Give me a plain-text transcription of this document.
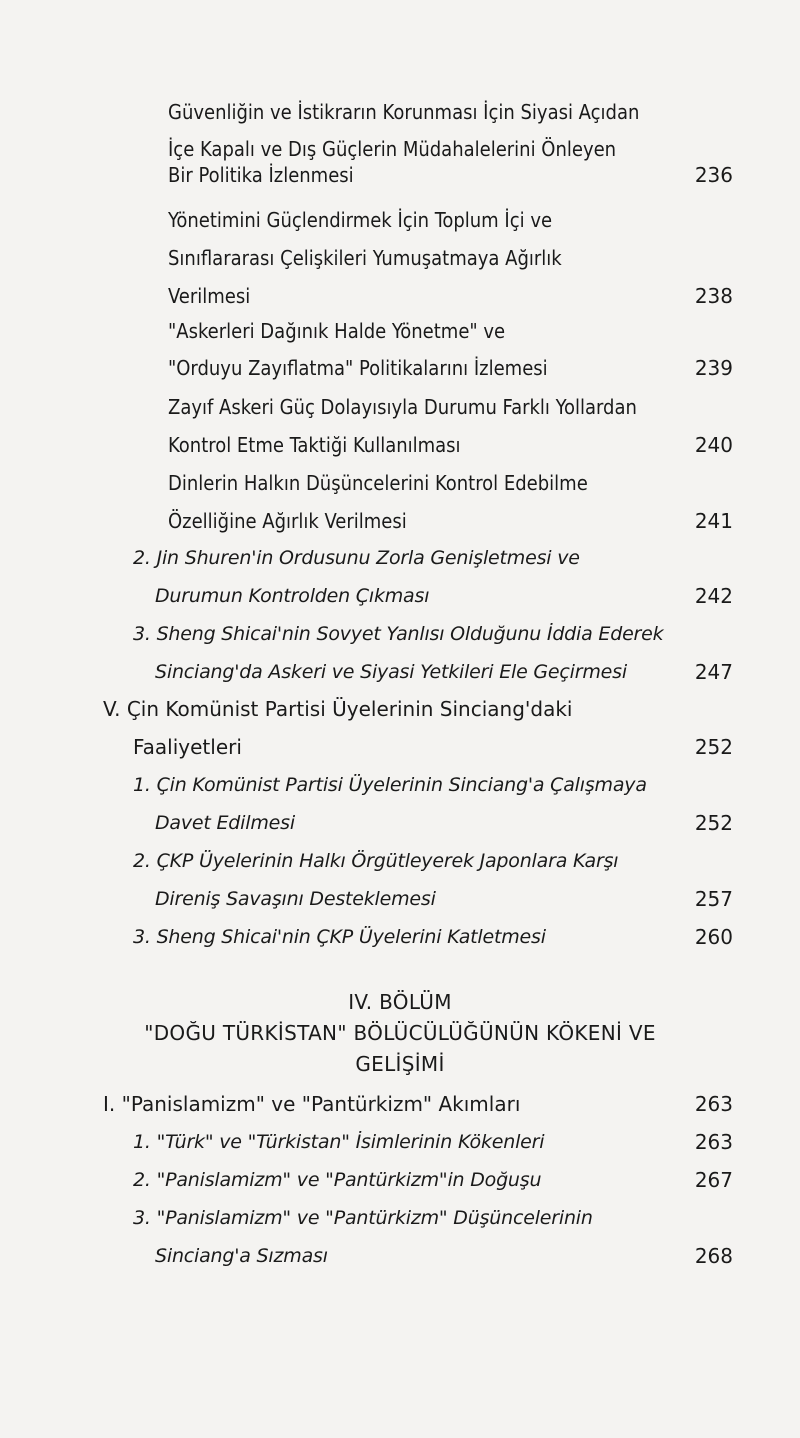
Güvenliğin ve İstikrarın Korunması İçin Siyasi Açıdan
İçe Kapalı ve Dış Güçlerin Müdahalelerini Önleyen
Bir Politika İzlenmesi	236
Yönetimini Güçlendirmek İçin Toplum İçi ve
Sınıflararası Çelişkileri Yumuşatmaya Ağırlık
Verilmesi	238
"Askerleri Dağınık Halde Yönetme" ve
"Orduyu Zayıflatma" Politikalarını İzlemesi	239
Zayıf Askeri Güç Dolayısıyla Durumu Farklı Yollardan
Kontrol Etme Taktiği Kullanılması	240
Dinlerin Halkın Düşüncelerini Kontrol Edebilme
Özelliğine Ağırlık Verilmesi	241
2. Jin Shuren'in Ordusunu Zorla Genişletmesi ve
Durumun Kontrolden Çıkması	242
3. Sheng Shicai'nin Sovyet Yanlısı Olduğunu İddia Ederek
Sinciang'da Askeri ve Siyasi Yetkileri Ele Geçirmesi	247
V. Çin Komünist Partisi Üyelerinin Sinciang'daki
Faaliyetleri	252
1. Çin Komünist Partisi Üyelerinin Sinciang'a Çalışmaya
Davet Edilmesi	252
2. ÇKP Üyelerinin Halkı Örgütleyerek Japonlara Karşı
Direniş Savaşını Desteklemesi	257
3. Sheng Shicai'nin ÇKP Üyelerini Katletmesi	260
IV. BÖLÜM
"DOĞU TÜRKİSTAN" BÖLÜCÜLÜĞÜNÜN KÖKENİ VE
GELİŞİMİ
I. "Panislamizm" ve "Pantürkizm" Akımları	263
1. "Türk" ve "Türkistan" İsimlerinin Kökenleri	263
2. "Panislamizm" ve "Pantürkizm"in Doğuşu	267
3. "Panislamizm" ve "Pantürkizm" Düşüncelerinin
Sinciang'a Sızması	268
